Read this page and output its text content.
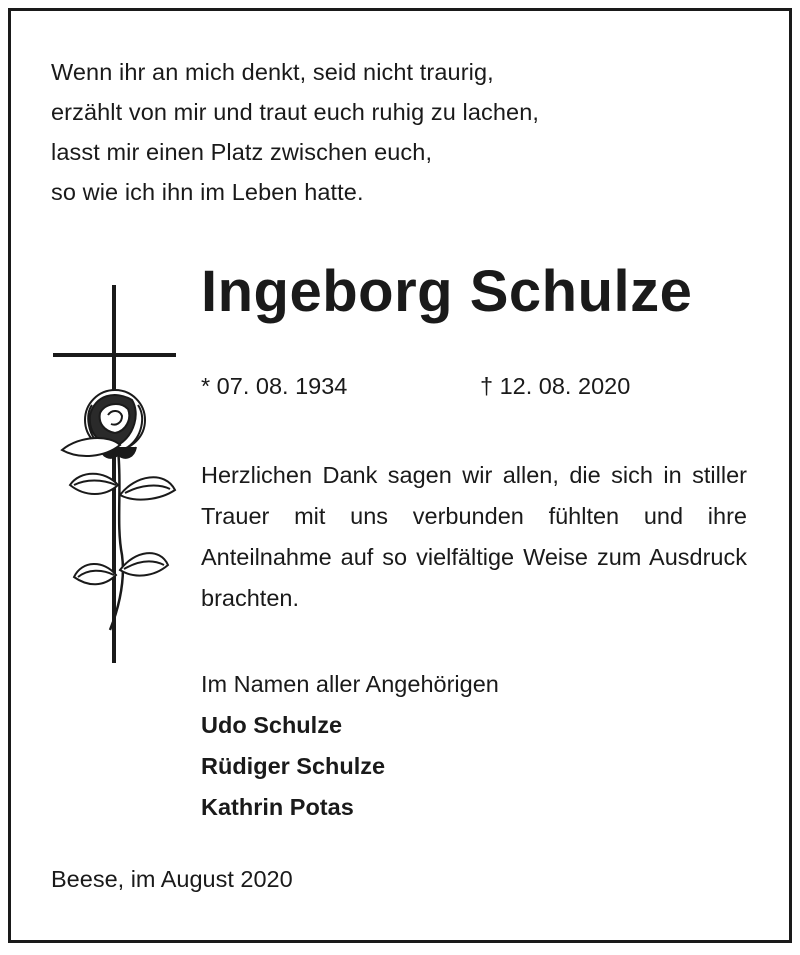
Wenn ihr an mich denkt, seid nicht traurig,
erzählt von mir und traut euch ruhig zu lachen,
lasst mir einen Platz zwischen euch,
so wie ich ihn im Leben hatte.
Ingeborg Schulze
* 07. 08. 1934	† 12. 08. 2020
Herzlichen Dank sagen wir allen, die sich in stiller Trauer mit uns verbunden fühlten und ihre Anteilnahme auf so vielfältige Weise zum Ausdruck brachten.
Im Namen aller Angehörigen
Udo Schulze
Rüdiger Schulze
Kathrin Potas
Beese, im August 2020
